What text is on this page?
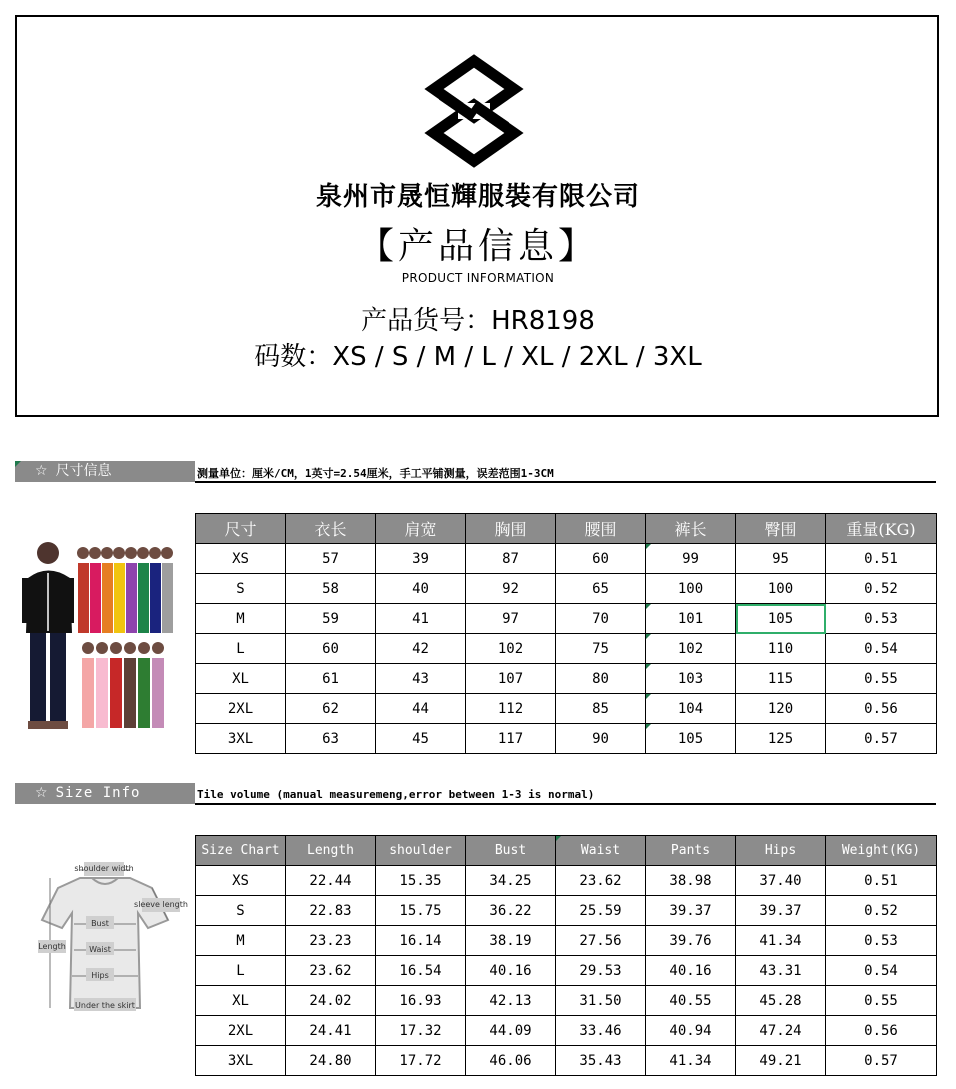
泉州市晟恒輝服裝有限公司
【产品信息】
PRODUCT INFORMATION
产品货号：HR8198
码数：XS / S / M / L / XL / 2XL / 3XL
☆ 尺寸信息	测量单位：厘米/CM，1英寸=2.54厘米，手工平铺测量，误差范围1-3CM
尺寸	衣长	肩宽	胸围	腰围	裤长	臀围	重量(KG)
XS	57	39	87	60	99	95	0.51
S	58	40	92	65	100	100	0.52
M	59	41	97	70	101	105	0.53
L	60	42	102	75	102	110	0.54
XL	61	43	107	80	103	115	0.55
2XL	62	44	112	85	104	120	0.56
3XL	63	45	117	90	105	125	0.57
☆ Size Info	Tile volume (manual measuremeng,error between 1-3 is normal)
shoulder width
sleeve length
Bust
Waist
Hips
Length
Under the skirt
Size Chart	Length	shoulder	Bust	Waist	Pants	Hips	Weight(KG)
XS	22.44	15.35	34.25	23.62	38.98	37.40	0.51
S	22.83	15.75	36.22	25.59	39.37	39.37	0.52
M	23.23	16.14	38.19	27.56	39.76	41.34	0.53
L	23.62	16.54	40.16	29.53	40.16	43.31	0.54
XL	24.02	16.93	42.13	31.50	40.55	45.28	0.55
2XL	24.41	17.32	44.09	33.46	40.94	47.24	0.56
3XL	24.80	17.72	46.06	35.43	41.34	49.21	0.57
